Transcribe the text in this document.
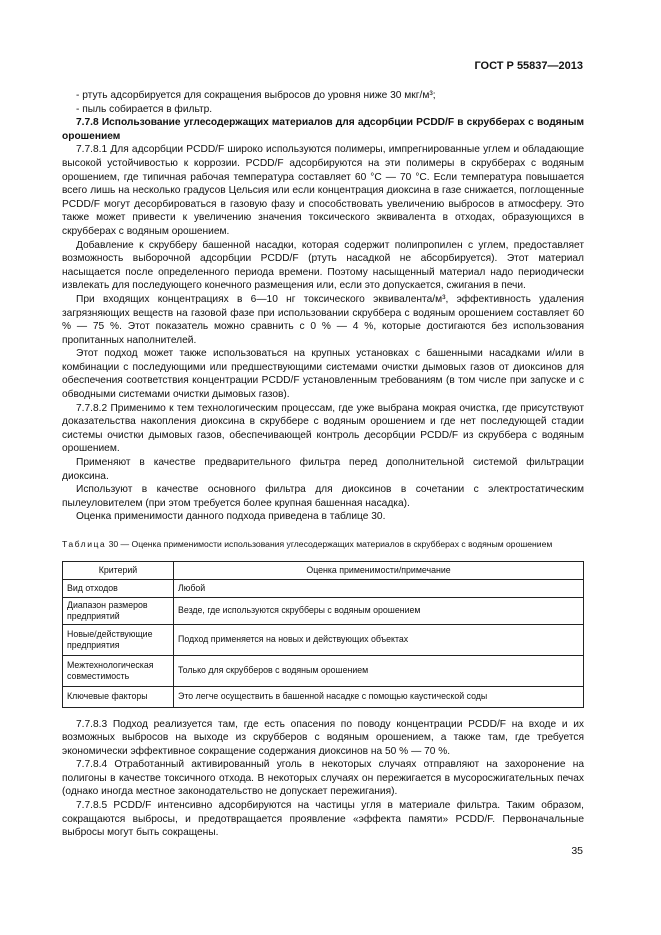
ГОСТ Р 55837—2013

- ртуть адсорбируется для сокращения выбросов до уровня ниже 30 мкг/м³;

- пыль собирается в фильтр.

7.7.8 Использование углесодержащих материалов для адсорбции PCDD/F в скрубберах с водяным орошением

7.7.8.1 Для адсорбции PCDD/F широко используются полимеры, импрегнированные углем и обладающие высокой устойчивостью к коррозии. PCDD/F адсорбируются на эти полимеры в скрубберах с водяным орошением, где типичная рабочая температура составляет 60 °С — 70 °С. Если температура повышается всего лишь на несколько градусов Цельсия или если концентрация диоксина в газе снижается, поглощенные PCDD/F могут десорбироваться в газовую фазу и способствовать увеличению выбросов в атмосферу. Это также может привести к увеличению значения токсического эквивалента в отходах, образующихся в скрубберах с водяным орошением.

Добавление к скрубберу башенной насадки, которая содержит полипропилен с углем, предоставляет возможность выборочной адсорбции PCDD/F (ртуть насадкой не абсорбируется). Этот материал насыщается после определенного периода времени. Поэтому насыщенный материал надо периодически извлекать для последующего конечного размещения или, если это допускается, сжигания в печи.

При входящих концентрациях в 6—10 нг токсического эквивалента/м³, эффективность удаления загрязняющих веществ на газовой фазе при использовании скруббера с водяным орошением составляет 60 % — 75 %. Этот показатель можно сравнить с 0 % — 4 %, которые достигаются без использования пропитанных наполнителей.

Этот подход может также использоваться на крупных установках с башенными насадками и/или в комбинации с последующими или предшествующими системами очистки дымовых газов от диоксинов для обеспечения соответствия концентрации PCDD/F установленным требованиям (в том числе при запуске и с обводными системами очистки дымовых газов).

7.7.8.2 Применимо к тем технологическим процессам, где уже выбрана мокрая очистка, где присутствуют доказательства накопления диоксина в скруббере с водяным орошением и где нет последующей стадии системы очистки дымовых газов, обеспечивающей контроль десорбции PCDD/F из скруббера с водяным орошением.

Применяют в качестве предварительного фильтра перед дополнительной системой фильтрации диоксина.

Используют в качестве основного фильтра для диоксинов в сочетании с электростатическим пылеуловителем (при этом требуется более крупная башенная насадка).

Оценка применимости данного подхода приведена в таблице 30.

Таблица 30 — Оценка применимости использования углесодержащих материалов в скрубберах с водяным орошением

Критерий	Оценка применимости/примечание
Вид отходов	Любой
Диапазон размеров предприятий	Везде, где используются скрубберы с водяным орошением
Новые/действующие предприятия	Подход применяется на новых и действующих объектах
Межтехнологическая совместимость	Только для скрубберов с водяным орошением
Ключевые факторы	Это легче осуществить в башенной насадке с помощью каустической соды

7.7.8.3 Подход реализуется там, где есть опасения по поводу концентрации PCDD/F на входе и их возможных выбросов на выходе из скрубберов с водяным орошением, а также там, где требуется экономически эффективное сокращение содержания диоксинов на 50 % — 70 %.

7.7.8.4 Отработанный активированный уголь в некоторых случаях отправляют на захоронение на полигоны в качестве токсичного отхода. В некоторых случаях он пережигается в мусоросжигательных печах (однако иногда местное законодательство не допускает пережигания).

7.7.8.5 PCDD/F интенсивно адсорбируются на частицы угля в материале фильтра. Таким образом, сокращаются выбросы, и предотвращается проявление «эффекта памяти» PCDD/F. Первоначальные выбросы могут быть сокращены.

35
